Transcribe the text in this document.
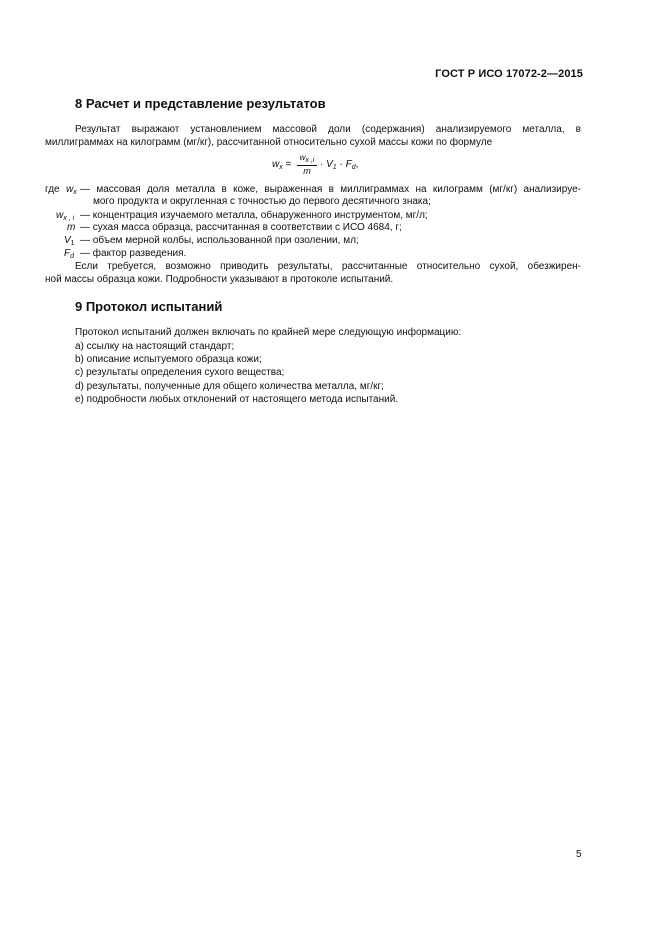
ГОСТ Р ИСО 17072-2—2015
8 Расчет и представление результатов
Результат выражают установлением массовой доли (содержания) анализируемого металла, в
миллиграммах на килограмм (мг/кг), рассчитанной относительно сухой массы кожи по формуле
$w_x = \frac{w_{x ,i}}{m} \cdot V_1 \cdot F_d$,
где $w_x$ — массовая доля металла в коже, выраженная в миллиграммах на килограмм (мг/кг) анализируе-
мого продукта и округленная с точностью до первого десятичного знака;
$w_{x , i}$ — концентрация изучаемого металла, обнаруженного инструментом, мг/л;
m — сухая масса образца, рассчитанная в соответствии с ИСО 4684, г;
$V_1$ — объем мерной колбы, использованной при озолении, мл;
$F_d$ — фактор разведения.
Если требуется, возможно приводить результаты, рассчитанные относительно сухой, обезжирен-
ной массы образца кожи. Подробности указывают в протоколе испытаний.
9 Протокол испытаний
Протокол испытаний должен включать по крайней мере следующую информацию:
a) ссылку на настоящий стандарт;
b) описание испытуемого образца кожи;
c) результаты определения сухого вещества;
d) результаты, полученные для общего количества металла, мг/кг;
e) подробности любых отклонений от настоящего метода испытаний.
5
